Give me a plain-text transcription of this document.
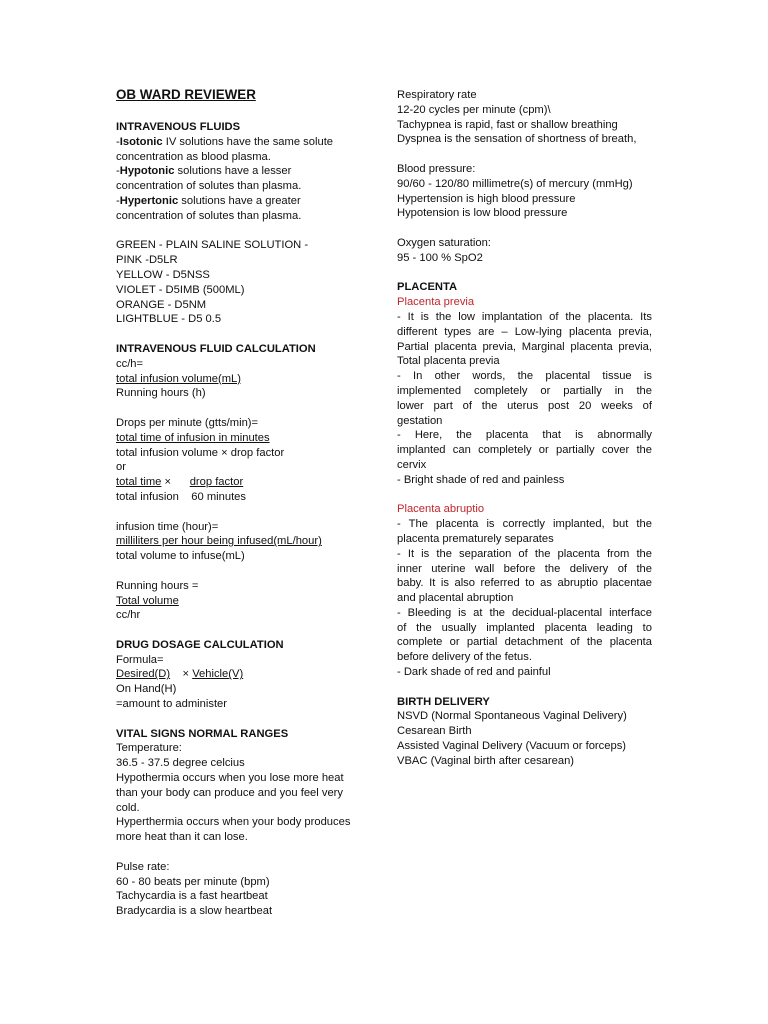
OB WARD REVIEWER
INTRAVENOUS FLUIDS
-Isotonic IV solutions have the same solute
concentration as blood plasma.
-Hypotonic solutions have a lesser
concentration of solutes than plasma.
-Hypertonic solutions have a greater
concentration of solutes than plasma.
GREEN - PLAIN SALINE SOLUTION -
PINK -D5LR
YELLOW - D5NSS
VIOLET - D5IMB (500ML)
ORANGE - D5NM
LIGHTBLUE - D5 0.5
INTRAVENOUS FLUID CALCULATION
cc/h=
total infusion volume(mL)
Running hours (h)
Drops per minute (gtts/min)=
total time of infusion in minutes
total infusion volume × drop factor
or
total time × drop factor
total infusion 60 minutes
infusion time (hour)=
milliliters per hour being infused(mL/hour)
total volume to infuse(mL)
Running hours =
Total volume
cc/hr
DRUG DOSAGE CALCULATION
Formula=
Desired(D) × Vehicle(V)
On Hand(H)
=amount to administer
VITAL SIGNS NORMAL RANGES
Temperature:
36.5 - 37.5 degree celcius
Hypothermia occurs when you lose more heat
than your body can produce and you feel very
cold.
Hyperthermia occurs when your body produces
more heat than it can lose.
Pulse rate:
60 - 80 beats per minute (bpm)
Tachycardia is a fast heartbeat
Bradycardia is a slow heartbeat
Respiratory rate
12-20 cycles per minute (cpm)\
Tachypnea is rapid, fast or shallow breathing
Dyspnea is the sensation of shortness of breath,
Blood pressure:
90/60 - 120/80 millimetre(s) of mercury (mmHg)
Hypertension is high blood pressure
Hypotension is low blood pressure
Oxygen saturation:
95 - 100 % SpO2
PLACENTA
Placenta previa
- It is the low implantation of the placenta. Its
different types are – Low-lying placenta previa,
Partial placenta previa, Marginal placenta previa,
Total placenta previa
- In other words, the placental tissue is
implemented completely or partially in the
lower part of the uterus post 20 weeks of
gestation
- Here, the placenta that is abnormally
implanted can completely or partially cover the
cervix
- Bright shade of red and painless
Placenta abruptio
- The placenta is correctly implanted, but the
placenta prematurely separates
- It is the separation of the placenta from the
inner uterine wall before the delivery of the
baby. It is also referred to as abruptio placentae
and placental abruption
- Bleeding is at the decidual-placental interface
of the usually implanted placenta leading to
complete or partial detachment of the placenta
before delivery of the fetus.
- Dark shade of red and painful
BIRTH DELIVERY
NSVD (Normal Spontaneous Vaginal Delivery)
Cesarean Birth
Assisted Vaginal Delivery (Vacuum or forceps)
VBAC (Vaginal birth after cesarean)
